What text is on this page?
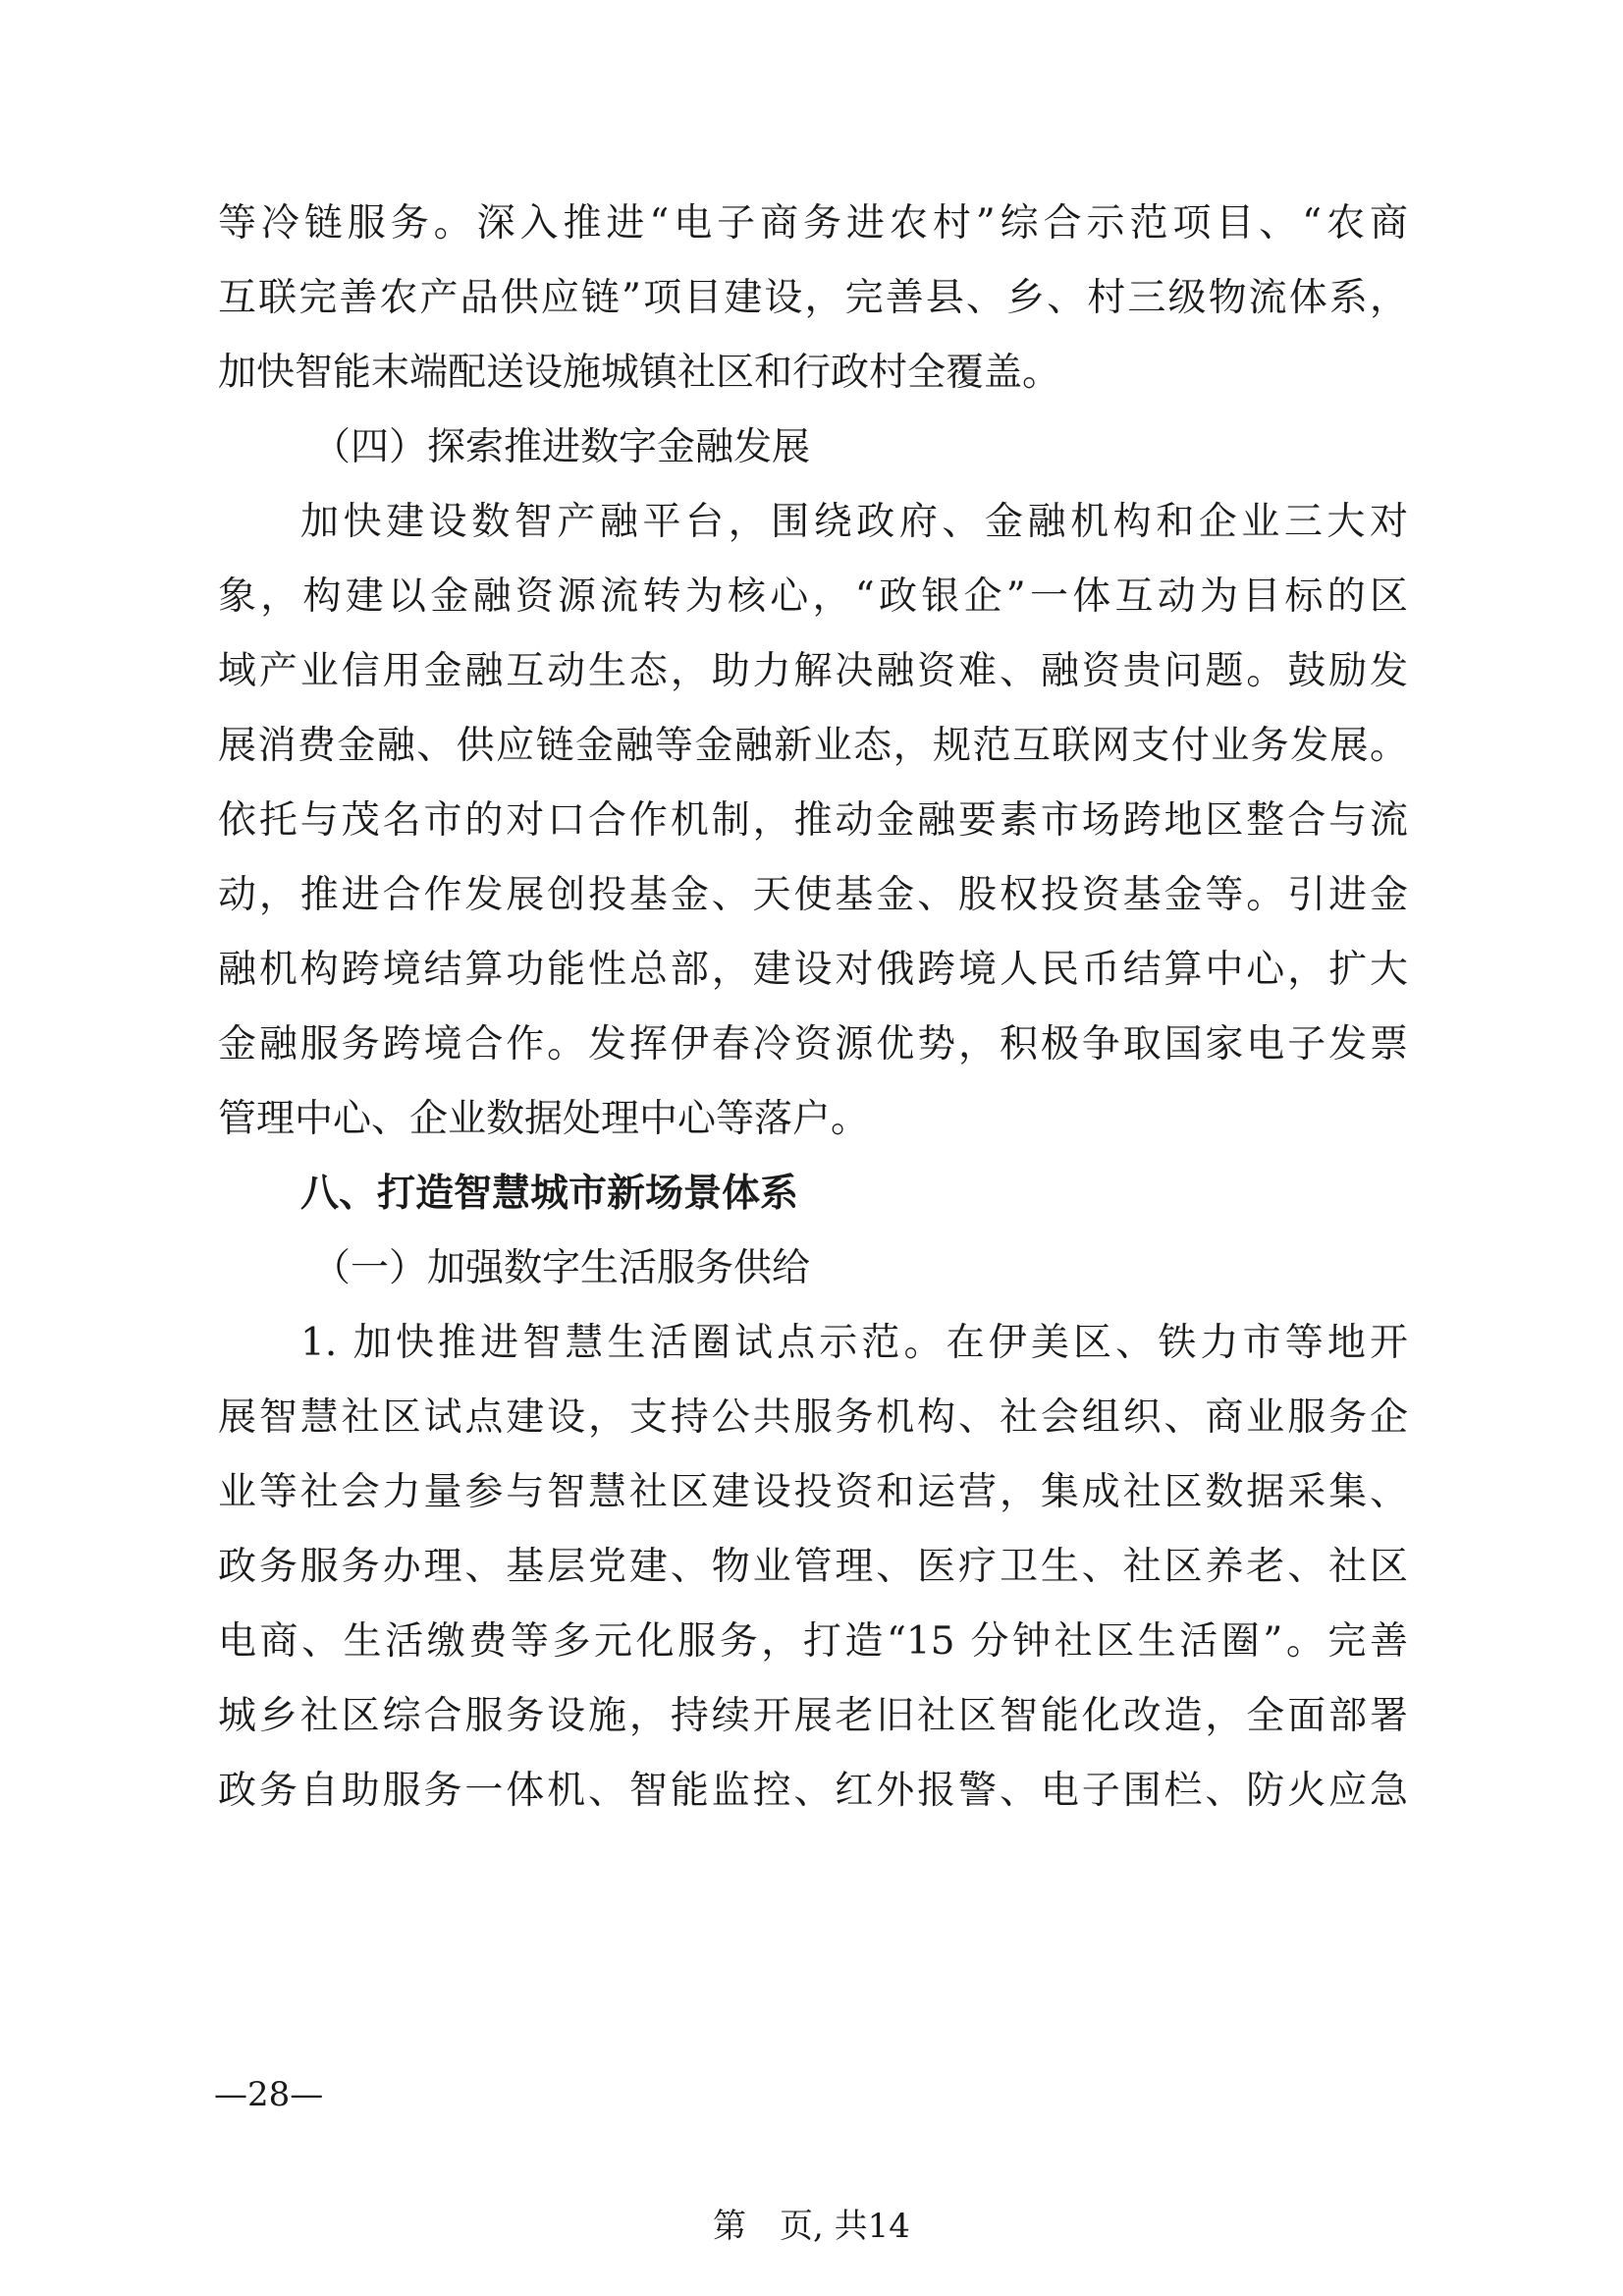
等冷链服务。深入推进“电子商务进农村”综合示范项目、“农商
互联完善农产品供应链”项目建设，完善县、乡、村三级物流体系，
加快智能末端配送设施城镇社区和行政村全覆盖。
（四）探索推进数字金融发展
加快建设数智产融平台，围绕政府、金融机构和企业三大对
象，构建以金融资源流转为核心，“政银企”一体互动为目标的区
域产业信用金融互动生态，助力解决融资难、融资贵问题。鼓励发
展消费金融、供应链金融等金融新业态，规范互联网支付业务发展。
依托与茂名市的对口合作机制，推动金融要素市场跨地区整合与流
动，推进合作发展创投基金、天使基金、股权投资基金等。引进金
融机构跨境结算功能性总部，建设对俄跨境人民币结算中心，扩大
金融服务跨境合作。发挥伊春冷资源优势，积极争取国家电子发票
管理中心、企业数据处理中心等落户。
八、打造智慧城市新场景体系
（一）加强数字生活服务供给
1. 加快推进智慧生活圈试点示范。在伊美区、铁力市等地开
展智慧社区试点建设，支持公共服务机构、社会组织、商业服务企
业等社会力量参与智慧社区建设投资和运营，集成社区数据采集、
政务服务办理、基层党建、物业管理、医疗卫生、社区养老、社区
电商、生活缴费等多元化服务，打造“15 分钟社区生活圈”。完善
城乡社区综合服务设施，持续开展老旧社区智能化改造，全面部署
政务自助服务一体机、智能监控、红外报警、电子围栏、防火应急
—28—
第　页, 共14
